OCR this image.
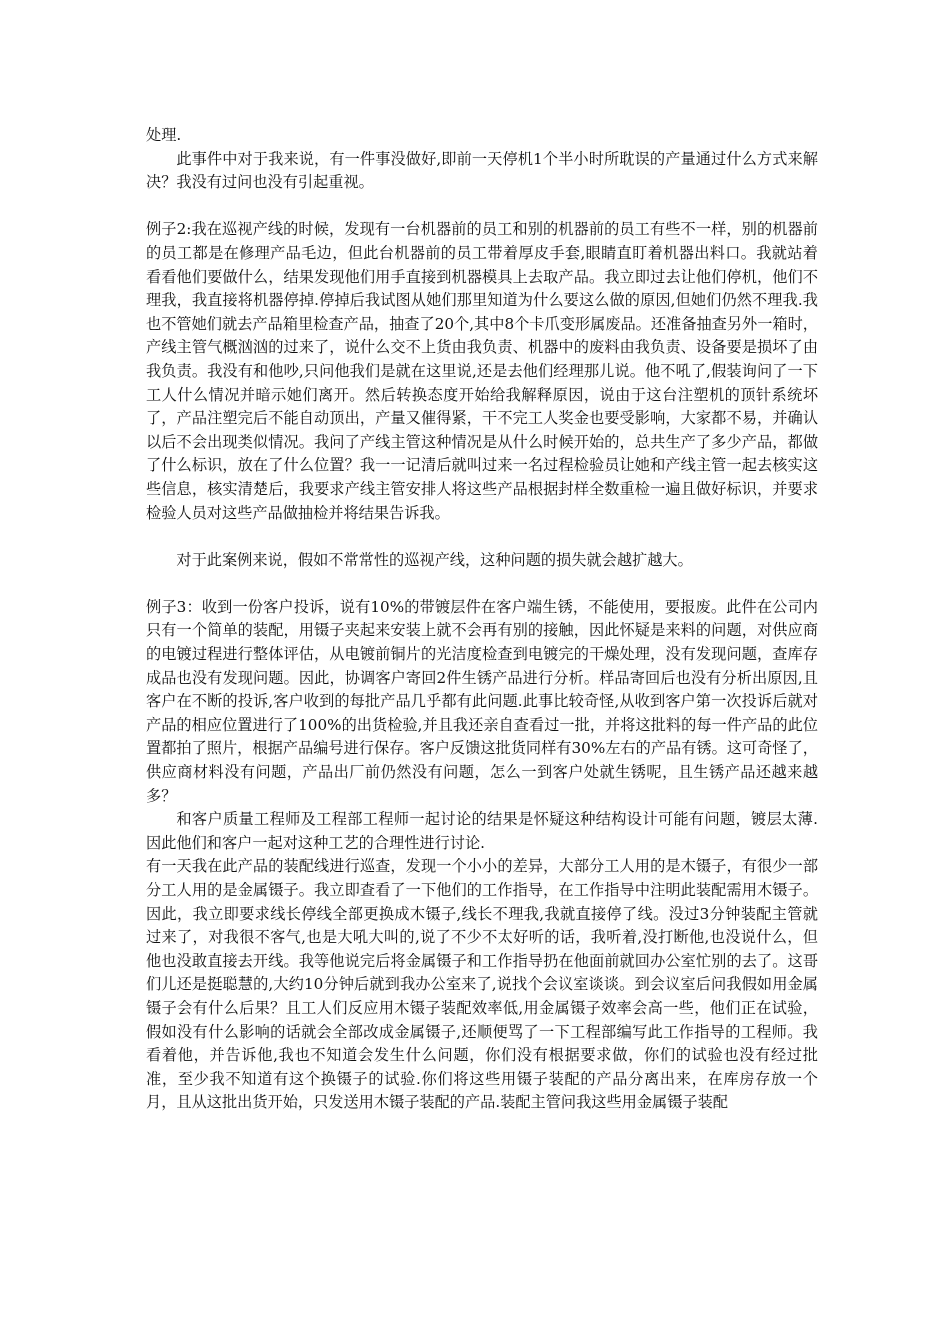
处理.

此事件中对于我来说，有一件事没做好,即前一天停机1个半小时所耽误的产量通过什么方式来解决？我没有过问也没有引起重视。

例子2:我在巡视产线的时候，发现有一台机器前的员工和别的机器前的员工有些不一样，别的机器前的员工都是在修理产品毛边，但此台机器前的员工带着厚皮手套,眼睛直盯着机器出料口。我就站着看看他们要做什么，结果发现他们用手直接到机器模具上去取产品。我立即过去让他们停机，他们不理我，我直接将机器停掉.停掉后我试图从她们那里知道为什么要这么做的原因,但她们仍然不理我.我也不管她们就去产品箱里检查产品，抽查了20个,其中8个卡爪变形属废品。还准备抽查另外一箱时，产线主管气概汹汹的过来了，说什么交不上货由我负责、机器中的废料由我负责、设备要是损坏了由我负责。我没有和他吵,只问他我们是就在这里说,还是去他们经理那儿说。他不吼了,假装询问了一下工人什么情况并暗示她们离开。然后转换态度开始给我解释原因，说由于这台注塑机的顶针系统坏了，产品注塑完后不能自动顶出，产量又催得紧，干不完工人奖金也要受影响，大家都不易，并确认以后不会出现类似情况。我问了产线主管这种情况是从什么时候开始的，总共生产了多少产品，都做了什么标识，放在了什么位置？我一一记清后就叫过来一名过程检验员让她和产线主管一起去核实这些信息，核实清楚后，我要求产线主管安排人将这些产品根据封样全数重检一遍且做好标识，并要求检验人员对这些产品做抽检并将结果告诉我。

对于此案例来说，假如不常常性的巡视产线，这种问题的损失就会越扩越大。

例子3：收到一份客户投诉，说有10%的带镀层件在客户端生锈，不能使用，要报废。此件在公司内只有一个简单的装配，用镊子夹起来安装上就不会再有别的接触，因此怀疑是来料的问题，对供应商的电镀过程进行整体评估，从电镀前铜片的光洁度检查到电镀完的干燥处理，没有发现问题，查库存成品也没有发现问题。因此，协调客户寄回2件生锈产品进行分析。样品寄回后也没有分析出原因,且客户在不断的投诉,客户收到的每批产品几乎都有此问题.此事比较奇怪,从收到客户第一次投诉后就对产品的相应位置进行了100%的出货检验,并且我还亲自查看过一批，并将这批料的每一件产品的此位置都拍了照片，根据产品编号进行保存。客户反馈这批货同样有30%左右的产品有锈。这可奇怪了，供应商材料没有问题，产品出厂前仍然没有问题，怎么一到客户处就生锈呢，且生锈产品还越来越多？

和客户质量工程师及工程部工程师一起讨论的结果是怀疑这种结构设计可能有问题，镀层太薄.因此他们和客户一起对这种工艺的合理性进行讨论.

有一天我在此产品的装配线进行巡查，发现一个小小的差异，大部分工人用的是木镊子，有很少一部分工人用的是金属镊子。我立即查看了一下他们的工作指导，在工作指导中注明此装配需用木镊子。因此，我立即要求线长停线全部更换成木镊子,线长不理我,我就直接停了线。没过3分钟装配主管就过来了，对我很不客气,也是大吼大叫的,说了不少不太好听的话，我听着,没打断他,也没说什么，但他也没敢直接去开线。我等他说完后将金属镊子和工作指导扔在他面前就回办公室忙别的去了。这哥们儿还是挺聪慧的,大约10分钟后就到我办公室来了,说找个会议室谈谈。到会议室后问我假如用金属镊子会有什么后果？且工人们反应用木镊子装配效率低,用金属镊子效率会高一些，他们正在试验，假如没有什么影响的话就会全部改成金属镊子,还顺便骂了一下工程部编写此工作指导的工程师。我看着他，并告诉他,我也不知道会发生什么问题，你们没有根据要求做，你们的试验也没有经过批准，至少我不知道有这个换镊子的试验.你们将这些用镊子装配的产品分离出来，在库房存放一个月，且从这批出货开始，只发送用木镊子装配的产品.装配主管问我这些用金属镊子装配
